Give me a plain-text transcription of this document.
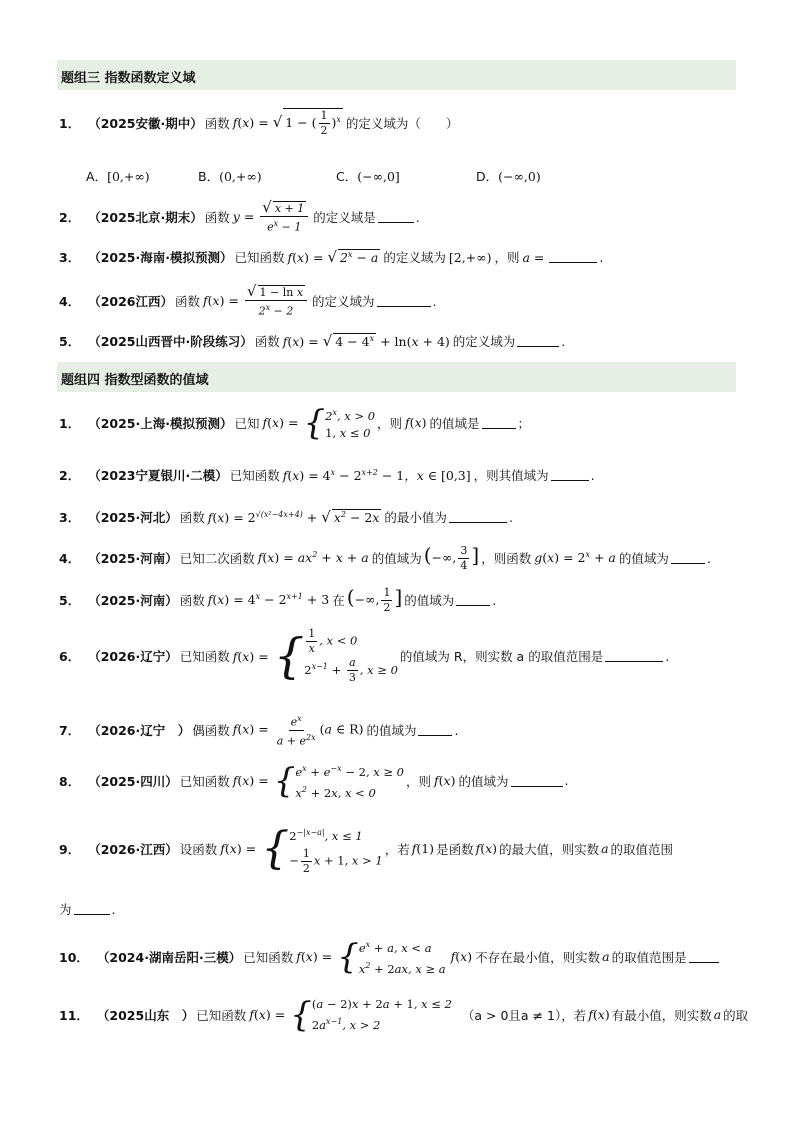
题组三 指数函数定义域
1． （2025安徽·期中） 函数 f(x) = √ 1 − ( $\frac{1}{2} )^x$ 的定义域为（　　）
A．[0,+∞)	B．(0,+∞)	C．(−∞,0]	D．(−∞,0)
2． （2025北京·期末） 函数 $y = \frac{√ x + 1}{e^x - 1}$ 的定义域是	.
3． （2025·海南·模拟预测） 已知函数 f(x) = √ $2^x - a$ 的定义域为 [2,+∞) ，则 a =	.
4． （2026江西） 函数 $f(x) = \frac{\text{√ 1 − ln x}}{2^x - 2}$ 的定义域为	.
5． （2025山西晋中·阶段练习） 函数 f(x) = √ $4 - 4^x + \ln(x + 4)$ 的定义域为	.
题组四 指数型函数的值域
1． （2025·上海·模拟预测） 已知 f(x) = { 2$^x$, x > 0
1, x ≤ 0
，则 f(x) 的值域是	；
2． （2023宁夏银川·二模） 已知函数 $f(x) = 4^x - 2^{x+2} - 1$，x ∈ [0,3] ，则其值域为	.
3． （2025·河北） 函数 $f(x) = 2^{√(x^2-4x+4)}$ + √ $x^2 - 2x$ 的最小值为	.
4． （2025·河南） 已知二次函数 $f(x) = ax^2 + x + a$ 的值域为 (−∞, $\frac{3}{4}$ ] ，则函数 $g(x) = 2^x + a$ 的值域为	.
5． （2025·河南） 函数 $f(x) = 4^x - 2^{x+1} + 3$ 在 (−∞, $\frac{1}{2}$ ] 的值域为	.
6． （2026·辽宁） 已知函数 f(x) = { $\frac{1}{x}$ , x < 0
$2^{x-1} + \frac{a}{3}$ , x ≥ 0
的值域为 R，则实数 a 的取值范围是	.
7． （2026·辽宁　） 偶函数 $f(x) = \frac{e^x}{a + e^{2x}} (a$ ∈ R) 的值域为	.
8． （2025·四川） 已知函数 f(x) = { $e^x + e^{-x} - 2$, x ≥ 0
$x^2 + 2x$, x < 0
，则 f(x) 的值域为	.
9． （2026·江西） 设函数 f(x) = { $2^{-|x-a|}$, x ≤ 1
− $\frac{1}{2}$ x + 1, x > 1
，若 f(1) 是函数 f(x) 的最大值，则实数 a 的取值范围
为	.
10． （2024·湖南岳阳·三模） 已知函数 f(x) = { $e^x + a$, x < a
$x^2 + 2ax$, x ≥ a
f(x) 不存在最小值，则实数 a 的取值范围是
11． （2025山东　） 已知函数 f(x) = { (a − 2)x + 2a + 1, x ≤ 2
$2a^{x-1}$, x > 2
（a > 0且a ≠ 1），若 f(x) 有最小值，则实数 a 的取
